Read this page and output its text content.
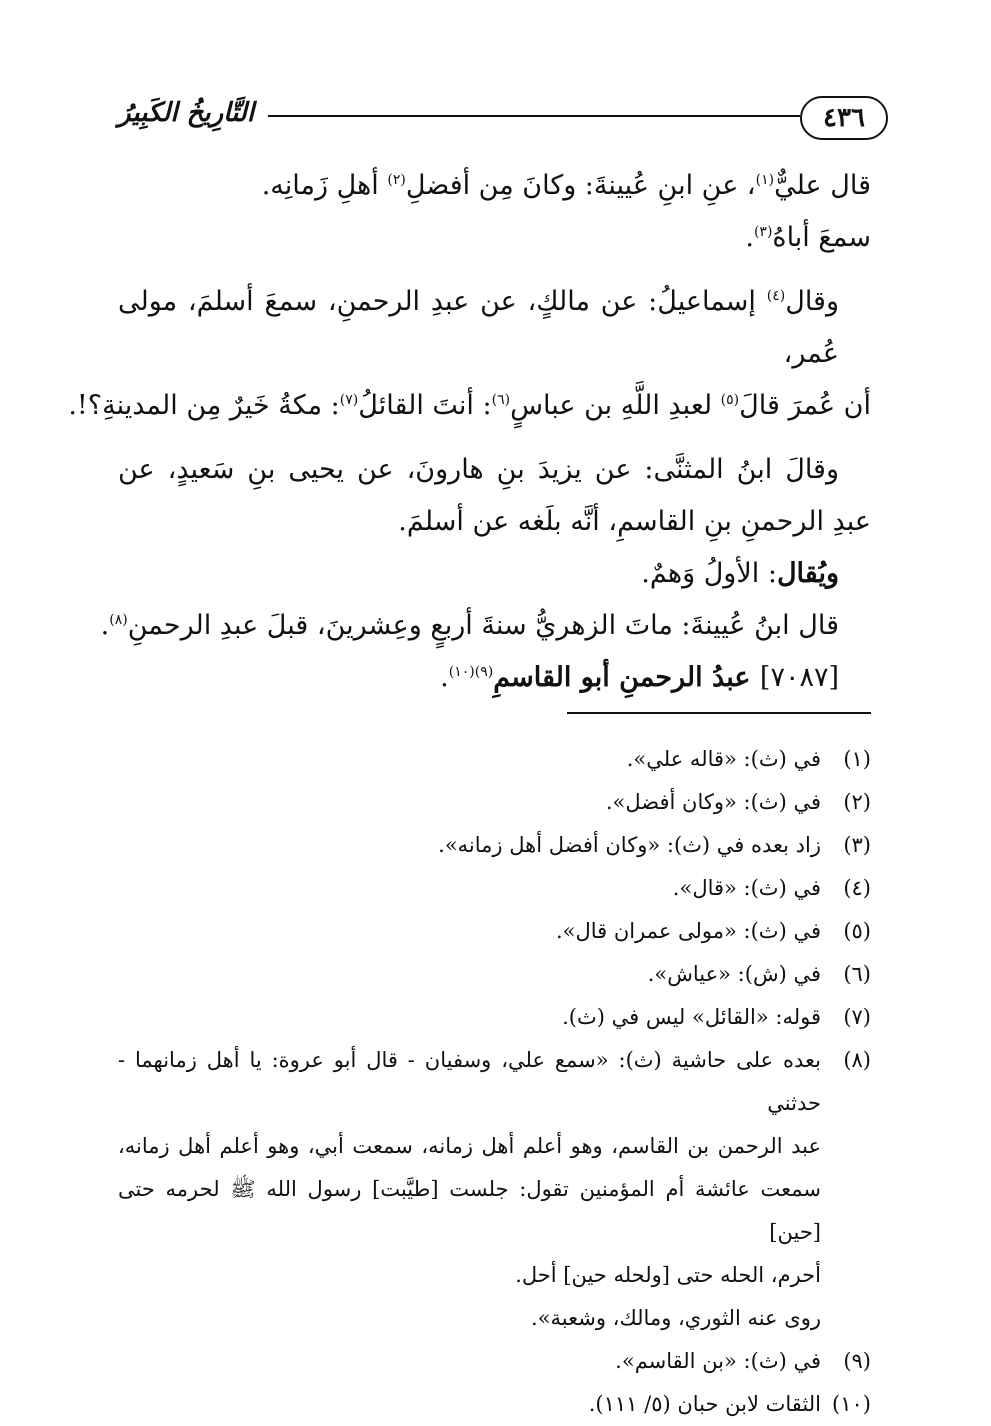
٤٣٦
التَّارِيخُ الكَبِيرُ
قال عليٌّ$^{(١)}$، عنِ ابنِ عُيينةَ: وكانَ مِن أفضلِ$^{(٢)}$ أهلِ زَمانِه.
سمعَ أباهُ$^{(٣)}$.
وقال$^{(٤)}$ إسماعيلُ: عن مالكٍ، عن عبدِ الرحمنِ، سمعَ أسلمَ، مولى عُمر،
أن عُمرَ قالَ$^{(٥)}$ لعبدِ اللَّهِ بن عباسٍ$^{(٦)}$: أنتَ القائلُ$^{(٧)}$: مكةُ خَيرٌ مِن المدينةِ؟!.
وقالَ ابنُ المثنَّى: عن يزيدَ بنِ هارونَ، عن يحيى بنِ سَعيدٍ، عن
عبدِ الرحمنِ بنِ القاسمِ، أنَّه بلَغه عن أسلمَ.
ويُقال: الأولُ وَهمٌ.
قال ابنُ عُيينةَ: ماتَ الزهريُّ سنةَ أربعٍ وعِشرينَ، قبلَ عبدِ الرحمنِ$^{(٨)}$.
[٧٠٨٧] عبدُ الرحمنِ أبو القاسمِ$^{(٩)(١٠)}$.
(١)
في (ث): «قاله علي».
(٢)
في (ث): «وكان أفضل».
(٣)
زاد بعده في (ث): «وكان أفضل أهل زمانه».
(٤)
في (ث): «قال».
(٥)
في (ث): «مولى عمران قال».
(٦)
في (ش): «عياش».
(٧)
قوله: «القائل» ليس في (ث).
(٨)
بعده على حاشية (ث): «سمع علي، وسفيان - قال أبو عروة: يا أهل زمانهما - حدثني
عبد الرحمن بن القاسم، وهو أعلم أهل زمانه، سمعت أبي، وهو أعلم أهل زمانه،
سمعت عائشة أم المؤمنين تقول: جلست [طيَّبت] رسول الله ﷺ لحرمه حتى [حين]
أحرم، الحله حتى [ولحله حين] أحل.
روى عنه الثوري، ومالك، وشعبة».
(٩)
في (ث): «بن القاسم».
(١٠)
الثقات لابن حبان (٥/ ١١١).
